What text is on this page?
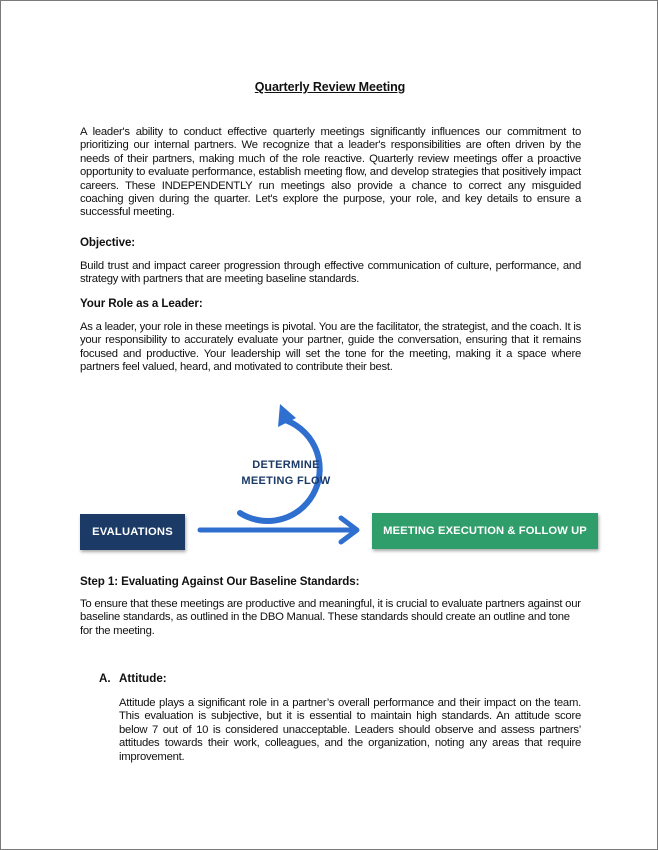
Quarterly Review Meeting
A leader's ability to conduct effective quarterly meetings significantly influences our commitment to prioritizing our internal partners. We recognize that a leader's responsibilities are often driven by the needs of their partners, making much of the role reactive. Quarterly review meetings offer a proactive opportunity to evaluate performance, establish meeting flow, and develop strategies that positively impact careers. These INDEPENDENTLY run meetings also provide a chance to correct any misguided coaching given during the quarter. Let's explore the purpose, your role, and key details to ensure a successful meeting.
Objective:
Build trust and impact career progression through effective communication of culture, performance, and strategy with partners that are meeting baseline standards.
Your Role as a Leader:
As a leader, your role in these meetings is pivotal. You are the facilitator, the strategist, and the coach. It is your responsibility to accurately evaluate your partner, guide the conversation, ensuring that it remains focused and productive. Your leadership will set the tone for the meeting, making it a space where partners feel valued, heard, and motivated to contribute their best.
EVALUATIONS
DETERMINE
MEETING FLOW
MEETING EXECUTION & FOLLOW UP
Step 1: Evaluating Against Our Baseline Standards:
To ensure that these meetings are productive and meaningful, it is crucial to evaluate partners against our baseline standards, as outlined in the DBO Manual. These standards should create an outline and tone for the meeting.
A. Attitude:
Attitude plays a significant role in a partner’s overall performance and their impact on the team. This evaluation is subjective, but it is essential to maintain high standards. An attitude score below 7 out of 10 is considered unacceptable. Leaders should observe and assess partners’ attitudes towards their work, colleagues, and the organization, noting any areas that require improvement.
